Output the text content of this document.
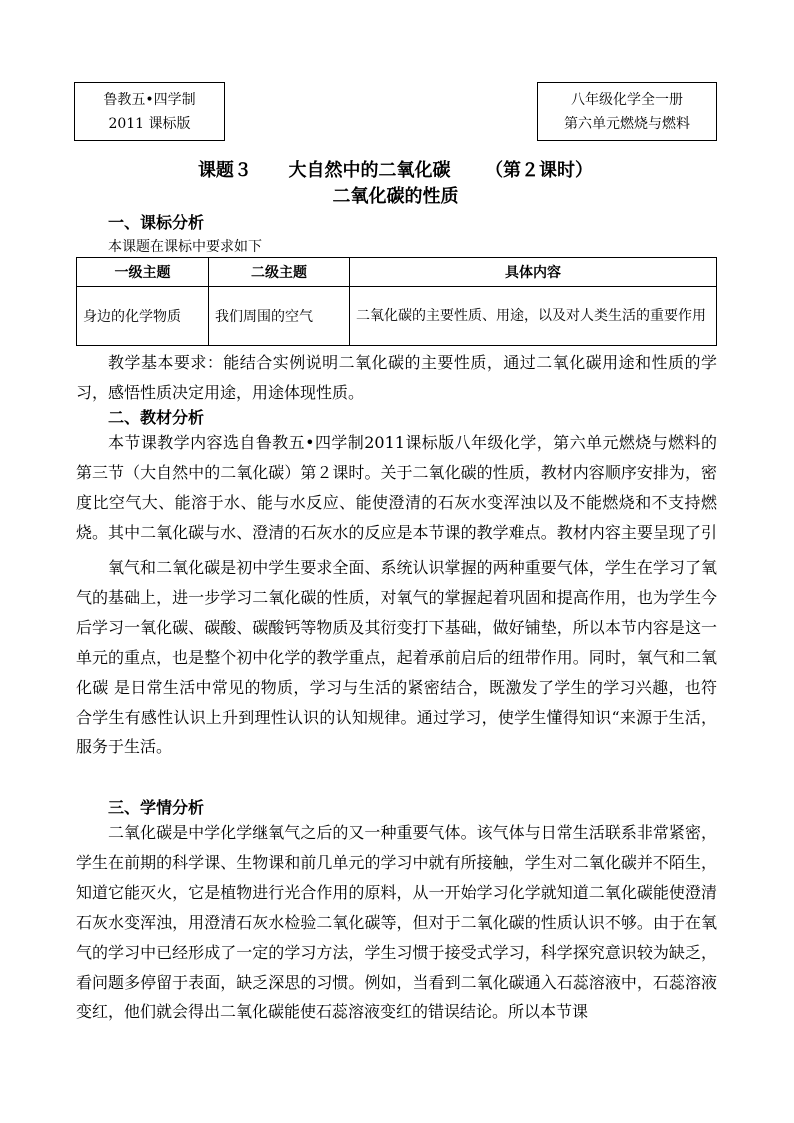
鲁教五•四学制
2011 课标版
八年级化学全一册
第六单元燃烧与燃料
课题３ 大自然中的二氧化碳 （第２课时）
二氧化碳的性质
一、课标分析
本课题在课标中要求如下
一级主题	二级主题	具体内容
身边的化学物质	我们周围的空气	二氧化碳的主要性质、用途，以及对人类生活的重要作用

教学基本要求：能结合实例说明二氧化碳的主要性质，通过二氧化碳用途和性质的学习，感悟性质决定用途，用途体现性质。

二、教材分析

本节课教学内容选自鲁教五•四学制2011课标版八年级化学，第六单元燃烧与燃料的第三节（大自然中的二氧化碳）第２课时。关于二氧化碳的性质，教材内容顺序安排为，密度比空气大、能溶于水、能与水反应、能使澄清的石灰水变浑浊以及不能燃烧和不支持燃烧。其中二氧化碳与水、澄清的石灰水的反应是本节课的教学难点。教材内容主要呈现了引

氧气和二氧化碳是初中学生要求全面、系统认识掌握的两种重要气体，学生在学习了氧气的基础上，进一步学习二氧化碳的性质，对氧气的掌握起着巩固和提高作用，也为学生今后学习一氧化碳、碳酸、碳酸钙等物质及其衍变打下基础，做好铺垫，所以本节内容是这一单元的重点，也是整个初中化学的教学重点，起着承前启后的纽带作用。同时，氧气和二氧化碳 是日常生活中常见的物质，学习与生活的紧密结合，既激发了学生的学习兴趣，也符合学生有感性认识上升到理性认识的认知规律。通过学习，使学生懂得知识“来源于生活，服务于生活。

三、学情分析

二氧化碳是中学化学继氧气之后的又一种重要气体。该气体与日常生活联系非常紧密，学生在前期的科学课、生物课和前几单元的学习中就有所接触，学生对二氧化碳并不陌生，知道它能灭火，它是植物进行光合作用的原料，从一开始学习化学就知道二氧化碳能使澄清石灰水变浑浊，用澄清石灰水检验二氧化碳等，但对于二氧化碳的性质认识不够。由于在氧气的学习中已经形成了一定的学习方法，学生习惯于接受式学习，科学探究意识较为缺乏，看问题多停留于表面，缺乏深思的习惯。例如，当看到二氧化碳通入石蕊溶液中，石蕊溶液变红，他们就会得出二氧化碳能使石蕊溶液变红的错误结论。所以本节课
